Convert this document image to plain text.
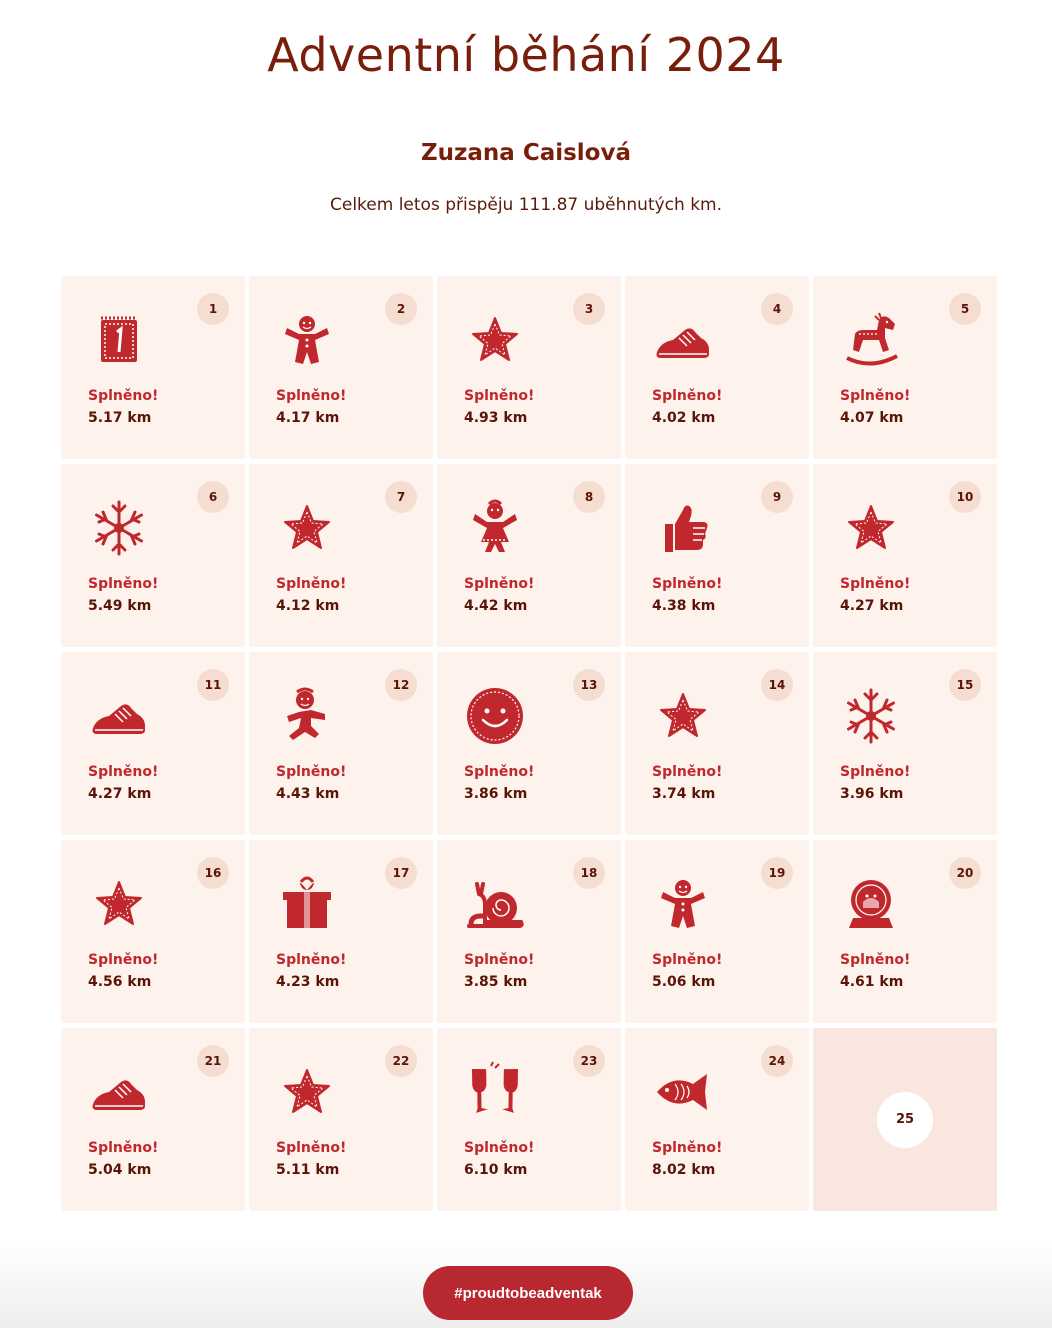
Adventní běhání 2024
Zuzana Caislová

Celkem letos přispěju 111.87 uběhnutých km.

1
Splněno!
5.17 km
2
Splněno!
4.17 km
3
Splněno!
4.93 km
4
Splněno!
4.02 km
5
Splněno!
4.07 km
6
Splněno!
5.49 km
7
Splněno!
4.12 km
8
Splněno!
4.42 km
9
Splněno!
4.38 km
10
Splněno!
4.27 km
11
Splněno!
4.27 km
12
Splněno!
4.43 km
13
Splněno!
3.86 km
14
Splněno!
3.74 km
15
Splněno!
3.96 km
16
Splněno!
4.56 km
17
Splněno!
4.23 km
18
Splněno!
3.85 km
19
Splněno!
5.06 km
20
Splněno!
4.61 km
21
Splněno!
5.04 km
22
Splněno!
5.11 km
23
Splněno!
6.10 km
24
Splněno!
8.02 km
25
#proudtobeadventak
